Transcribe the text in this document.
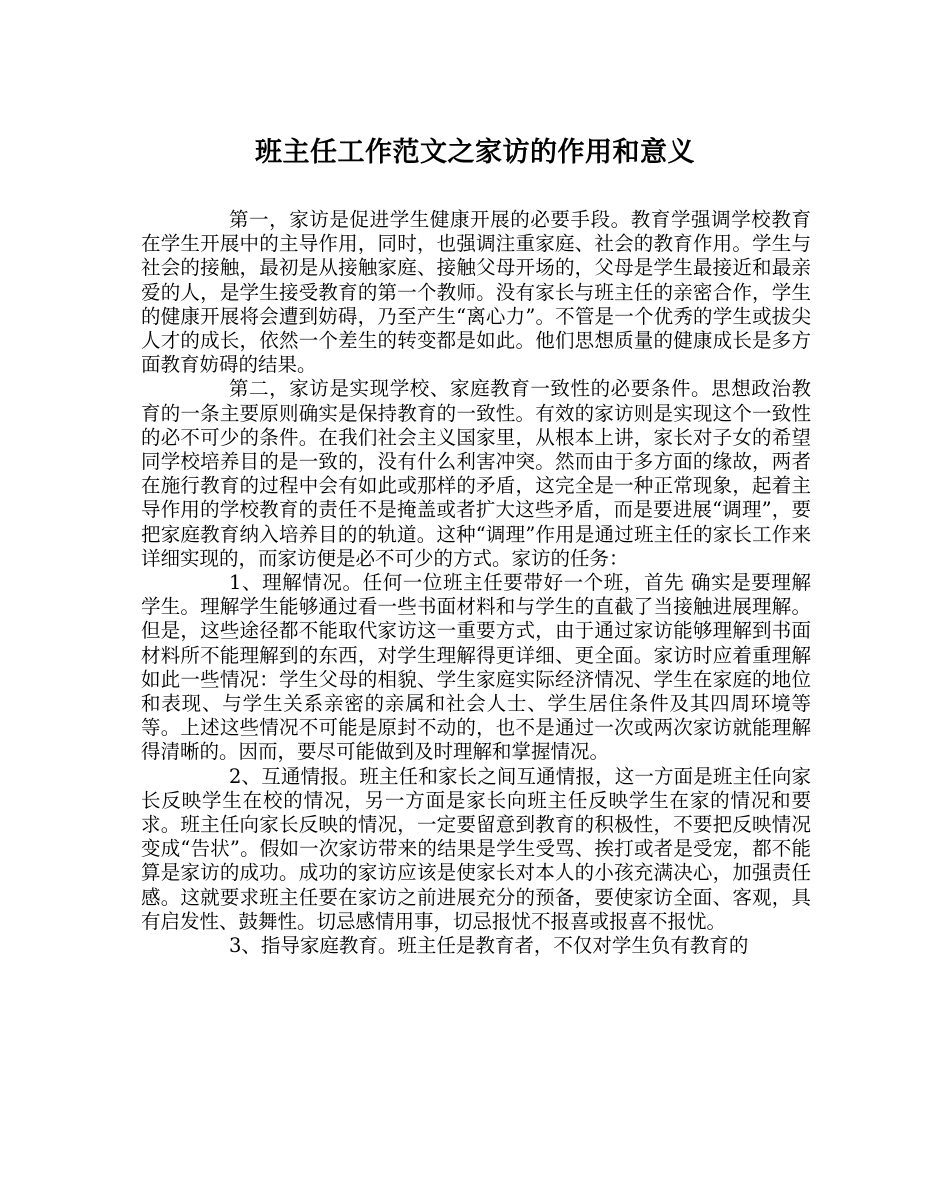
班主任工作范文之家访的作用和意义

第一，家访是促进学生健康开展的必要手段。教育学强调学校教育在学生开展中的主导作用，同时，也强调注重家庭、社会的教育作用。学生与社会的接触，最初是从接触家庭、接触父母开场的，父母是学生最接近和最亲爱的人，是学生接受教育的第一个教师。没有家长与班主任的亲密合作，学生的健康开展将会遭到妨碍，乃至产生“离心力”。不管是一个优秀的学生或拔尖人才的成长，依然一个差生的转变都是如此。他们思想质量的健康成长是多方面教育妨碍的结果。

第二，家访是实现学校、家庭教育一致性的必要条件。思想政治教育的一条主要原则确实是保持教育的一致性。有效的家访则是实现这个一致性的必不可少的条件。在我们社会主义国家里，从根本上讲，家长对子女的希望同学校培养目的是一致的，没有什么利害冲突。然而由于多方面的缘故，两者在施行教育的过程中会有如此或那样的矛盾，这完全是一种正常现象，起着主导作用的学校教育的责任不是掩盖或者扩大这些矛盾，而是要进展“调理”，要把家庭教育纳入培养目的的轨道。这种“调理”作用是通过班主任的家长工作来详细实现的，而家访便是必不可少的方式。家访的任务：

1、理解情况。任何一位班主任要带好一个班，首先 确实是要理解学生。理解学生能够通过看一些书面材料和与学生的直截了当接触进展理解。但是，这些途径都不能取代家访这一重要方式，由于通过家访能够理解到书面材料所不能理解到的东西，对学生理解得更详细、更全面。家访时应着重理解如此一些情况：学生父母的相貌、学生家庭实际经济情况、学生在家庭的地位和表现、与学生关系亲密的亲属和社会人士、学生居住条件及其四周环境等等。上述这些情况不可能是原封不动的，也不是通过一次或两次家访就能理解得清晰的。因而，要尽可能做到及时理解和掌握情况。

2、互通情报。班主任和家长之间互通情报，这一方面是班主任向家长反映学生在校的情况，另一方面是家长向班主任反映学生在家的情况和要求。班主任向家长反映的情况，一定要留意到教育的积极性，不要把反映情况变成“告状”。假如一次家访带来的结果是学生受骂、挨打或者是受宠，都不能算是家访的成功。成功的家访应该是使家长对本人的小孩充满决心，加强责任感。这就要求班主任要在家访之前进展充分的预备，要使家访全面、客观，具有启发性、鼓舞性。切忌感情用事，切忌报忧不报喜或报喜不报忧。

3、指导家庭教育。班主任是教育者，不仅对学生负有教育的
